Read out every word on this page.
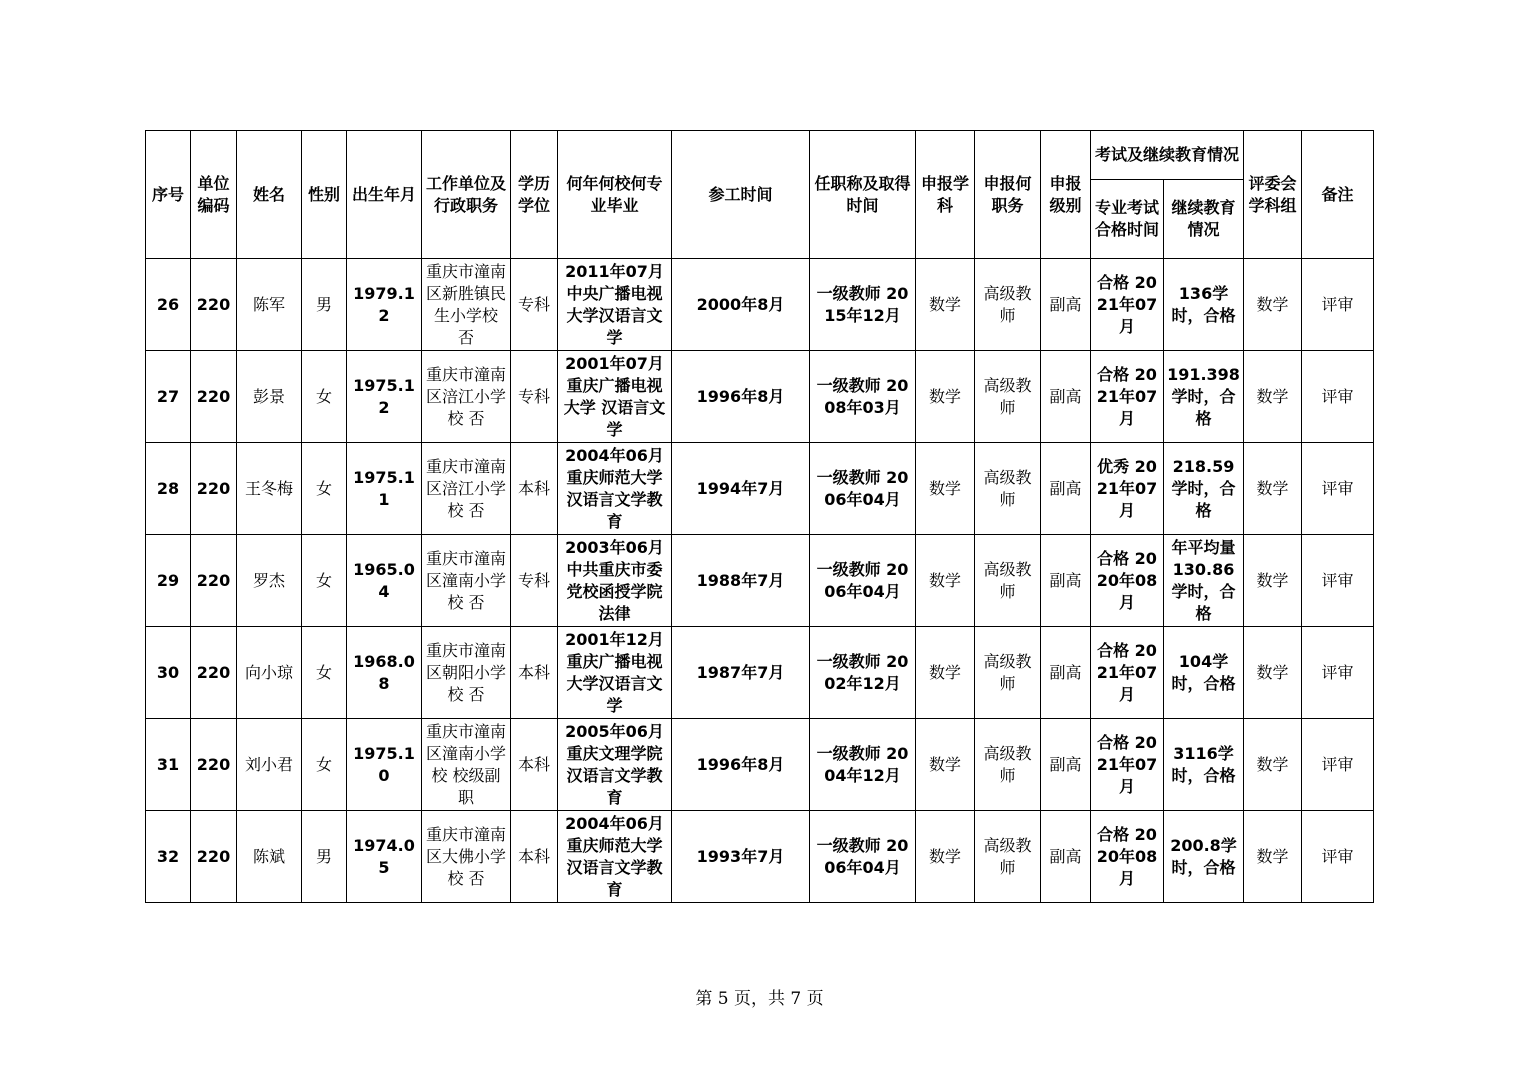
序号	单位编码	姓名	性别	出生年月	工作单位及行政职务	学历学位	何年何校何专业毕业	参工时间	任职称及取得时间	申报学科	申报何职务	申报级别	考试及继续教育情况		评委会学科组	备注
													专业考试合格时间	继续教育情况		
26	220	陈军	男	1979.12	重庆市潼南区新胜镇民生小学校 否	专科	2011年07月中央广播电视大学汉语言文学	2000年8月	一级教师 2015年12月	数学	高级教师	副高	合格 2021年07月	136学时，合格	数学	评审
27	220	彭景	女	1975.12	重庆市潼南区涪江小学校 否	专科	2001年07月重庆广播电视大学 汉语言文学	1996年8月	一级教师 2008年03月	数学	高级教师	副高	合格 2021年07月	191.398学时，合格	数学	评审
28	220	王冬梅	女	1975.11	重庆市潼南区涪江小学校 否	本科	2004年06月重庆师范大学汉语言文学教育	1994年7月	一级教师 2006年04月	数学	高级教师	副高	优秀 2021年07月	218.59学时，合格	数学	评审
29	220	罗杰	女	1965.04	重庆市潼南区潼南小学校 否	专科	2003年06月中共重庆市委党校函授学院法律	1988年7月	一级教师 2006年04月	数学	高级教师	副高	合格 2020年08月	年平均量130.86学时，合格	数学	评审
30	220	向小琼	女	1968.08	重庆市潼南区朝阳小学校 否	本科	2001年12月重庆广播电视大学汉语言文学	1987年7月	一级教师 2002年12月	数学	高级教师	副高	合格 2021年07月	104学时，合格	数学	评审
31	220	刘小君	女	1975.10	重庆市潼南区潼南小学校 校级副职	本科	2005年06月重庆文理学院汉语言文学教育	1996年8月	一级教师 2004年12月	数学	高级教师	副高	合格 2021年07月	3116学时，合格	数学	评审
32	220	陈斌	男	1974.05	重庆市潼南区大佛小学校 否	本科	2004年06月重庆师范大学汉语言文学教育	1993年7月	一级教师 2006年04月	数学	高级教师	副高	合格 2020年08月	200.8学时，合格	数学	评审
第 5 页，共 7 页
